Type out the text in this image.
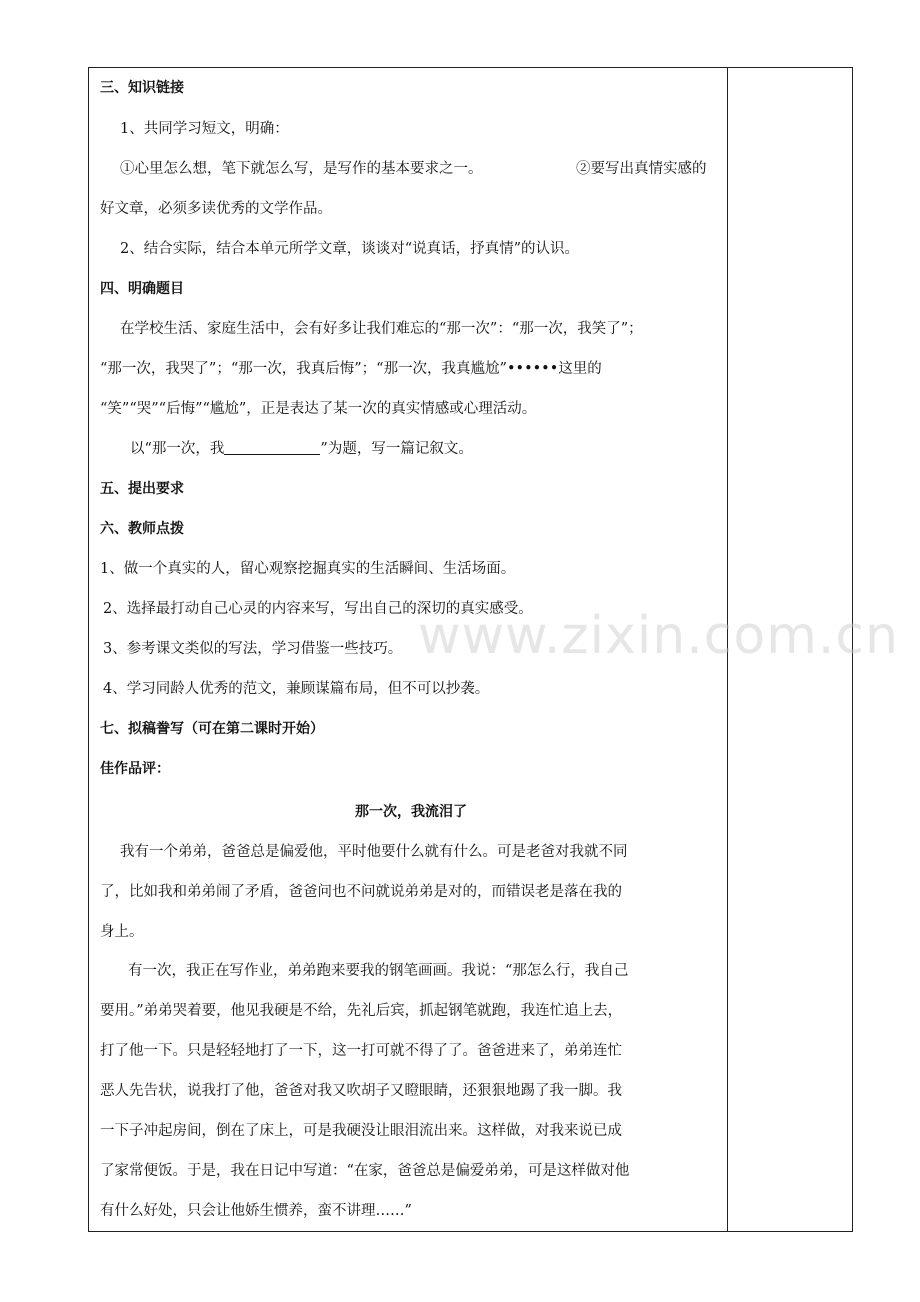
三、知识链接
1、共同学习短文，明确：
①心里怎么想，笔下就怎么写，是写作的基本要求之一。	②要写出真情实感的
好文章，必须多读优秀的文学作品。
2、结合实际，结合本单元所学文章，谈谈对“说真话，抒真情”的认识。
四、明确题目
在学校生活、家庭生活中，会有好多让我们难忘的“那一次”：“那一次，我笑了”；
“那一次，我哭了”；“那一次，我真后悔”；“那一次，我真尴尬”••••••这里的
“笑”“哭”“后悔”“尴尬”，正是表达了某一次的真实情感或心理活动。
以“那一次，我	”为题，写一篇记叙文。
五、提出要求
六、教师点拨
1、做一个真实的人，留心观察挖掘真实的生活瞬间、生活场面。
2、选择最打动自己心灵的内容来写，写出自己的深切的真实感受。
3、参考课文类似的写法，学习借鉴一些技巧。
4、学习同龄人优秀的范文，兼顾谋篇布局，但不可以抄袭。
七、拟稿誊写（可在第二课时开始）
佳作品评：
那一次，我流泪了
我有一个弟弟，爸爸总是偏爱他，平时他要什么就有什么。可是老爸对我就不同
了，比如我和弟弟闹了矛盾，爸爸问也不问就说弟弟是对的，而错误老是落在我的
身上。
有一次，我正在写作业，弟弟跑来要我的钢笔画画。我说：“那怎么行，我自己
要用。”弟弟哭着要，他见我硬是不给，先礼后宾，抓起钢笔就跑，我连忙追上去，
打了他一下。只是轻轻地打了一下，这一打可就不得了了。爸爸进来了，弟弟连忙
恶人先告状，说我打了他，爸爸对我又吹胡子又瞪眼睛，还狠狠地踢了我一脚。我
一下子冲起房间，倒在了床上，可是我硬没让眼泪流出来。这样做，对我来说已成
了家常便饭。于是，我在日记中写道：“在家，爸爸总是偏爱弟弟，可是这样做对他
有什么好处，只会让他娇生惯养，蛮不讲理……”
www.zixin.com.cn
